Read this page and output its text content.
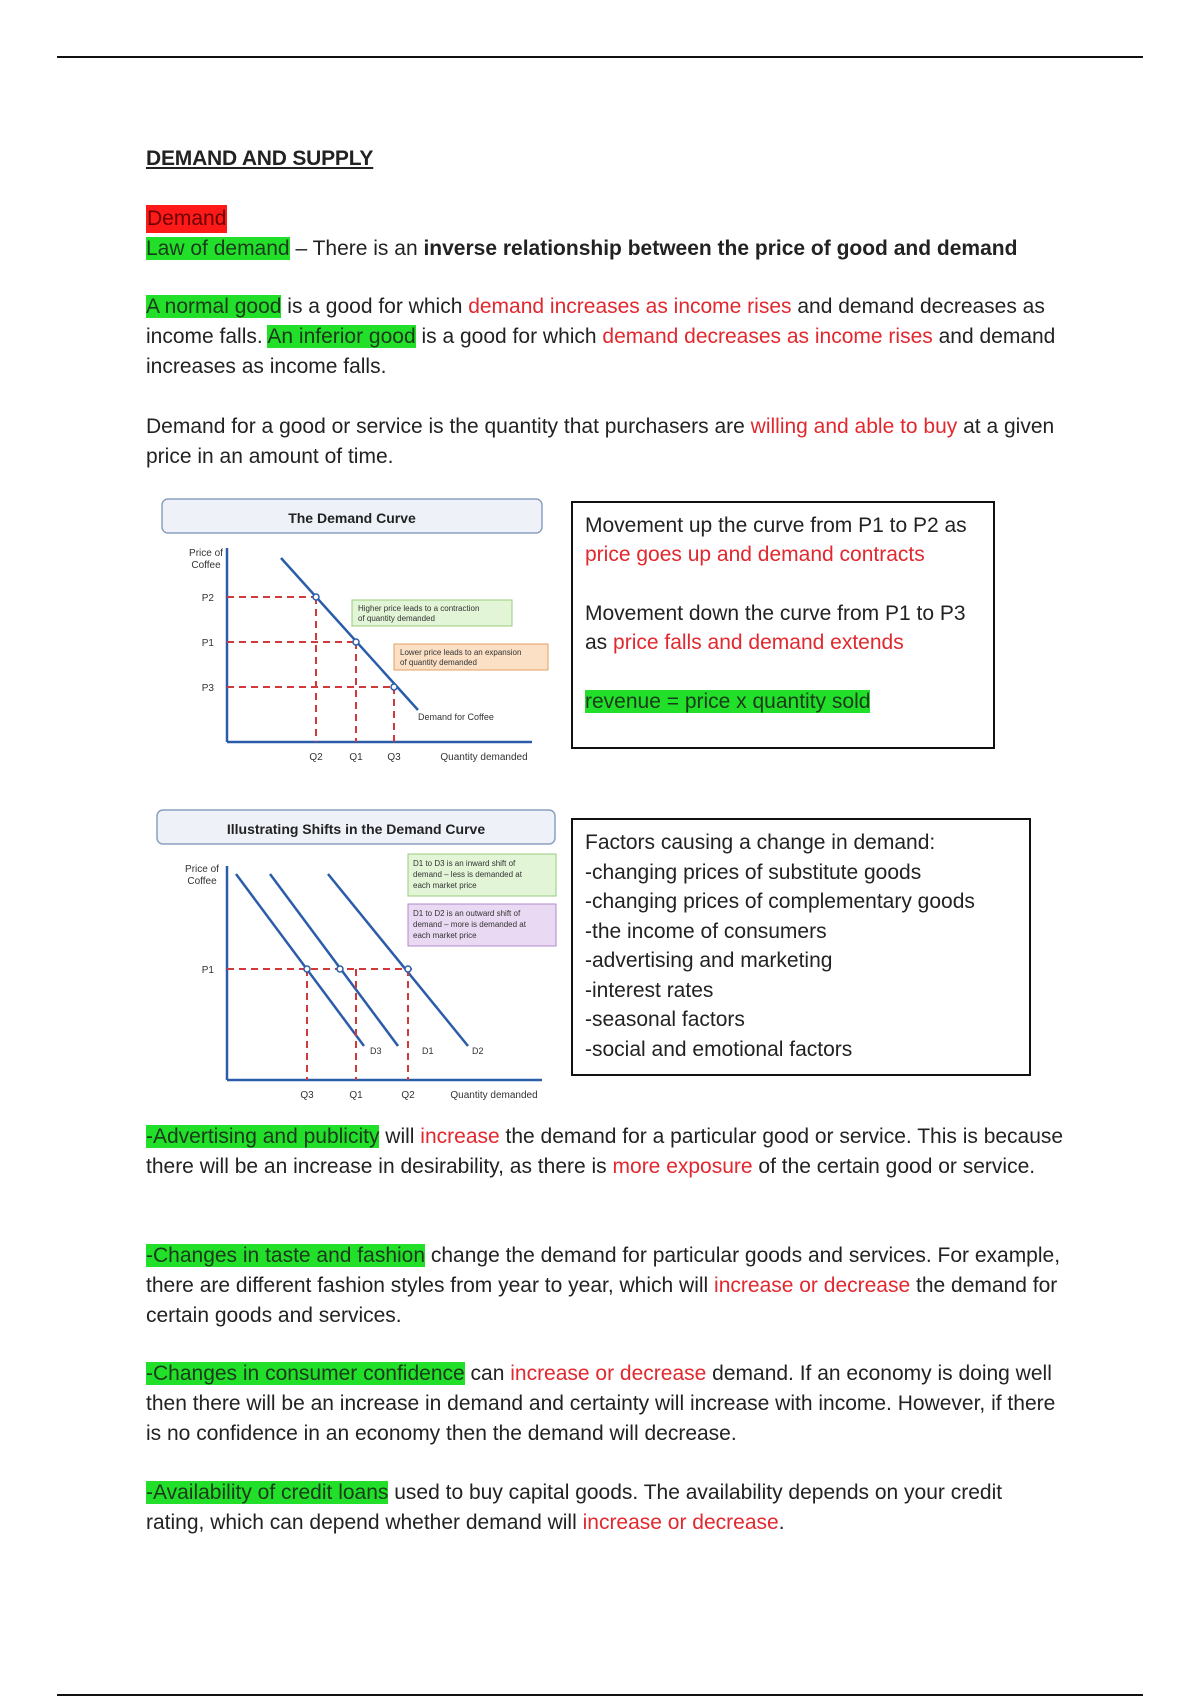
DEMAND AND SUPPLY
Demand

Law of demand – There is an inverse relationship between the price of good and demand

A normal good is a good for which demand increases as income rises and demand decreases as income falls. An inferior good is a good for which demand decreases as income rises and demand increases as income falls.

Demand for a good or service is the quantity that purchasers are willing and able to buy at a given price in an amount of time.

The Demand Curve
Price of
Coffee
P2
P1
P3
Q2	Q1 Q3	Quantity demanded
Demand for Coffee
Higher price leads to a contraction
of quantity demanded
Lower price leads to an expansion
of quantity demanded
Movement up the curve from P1 to P2 as price goes up and demand contracts
Movement down the curve from P1 to P3 as price falls and demand extends
revenue = price x quantity sold
Illustrating Shifts in the Demand Curve
Price of
Coffee
P1
D3	D1	D2
Q3	Q1	Q2	Quantity demanded
D1 to D3 is an inward shift of
demand – less is demanded at
each market price
D1 to D2 is an outward shift of
demand – more is demanded at
each market price
Factors causing a change in demand:
-changing prices of substitute goods
-changing prices of complementary goods
-the income of consumers
-advertising and marketing
-interest rates
-seasonal factors
-social and emotional factors

-Advertising and publicity will increase the demand for a particular good or service. This is because there will be an increase in desirability, as there is more exposure of the certain good or service.

-Changes in taste and fashion change the demand for particular goods and services. For example, there are different fashion styles from year to year, which will increase or decrease the demand for certain goods and services.

-Changes in consumer confidence can increase or decrease demand. If an economy is doing well then there will be an increase in demand and certainty will increase with income. However, if there is no confidence in an economy then the demand will decrease.

-Availability of credit loans used to buy capital goods. The availability depends on your credit rating, which can depend whether demand will increase or decrease.
